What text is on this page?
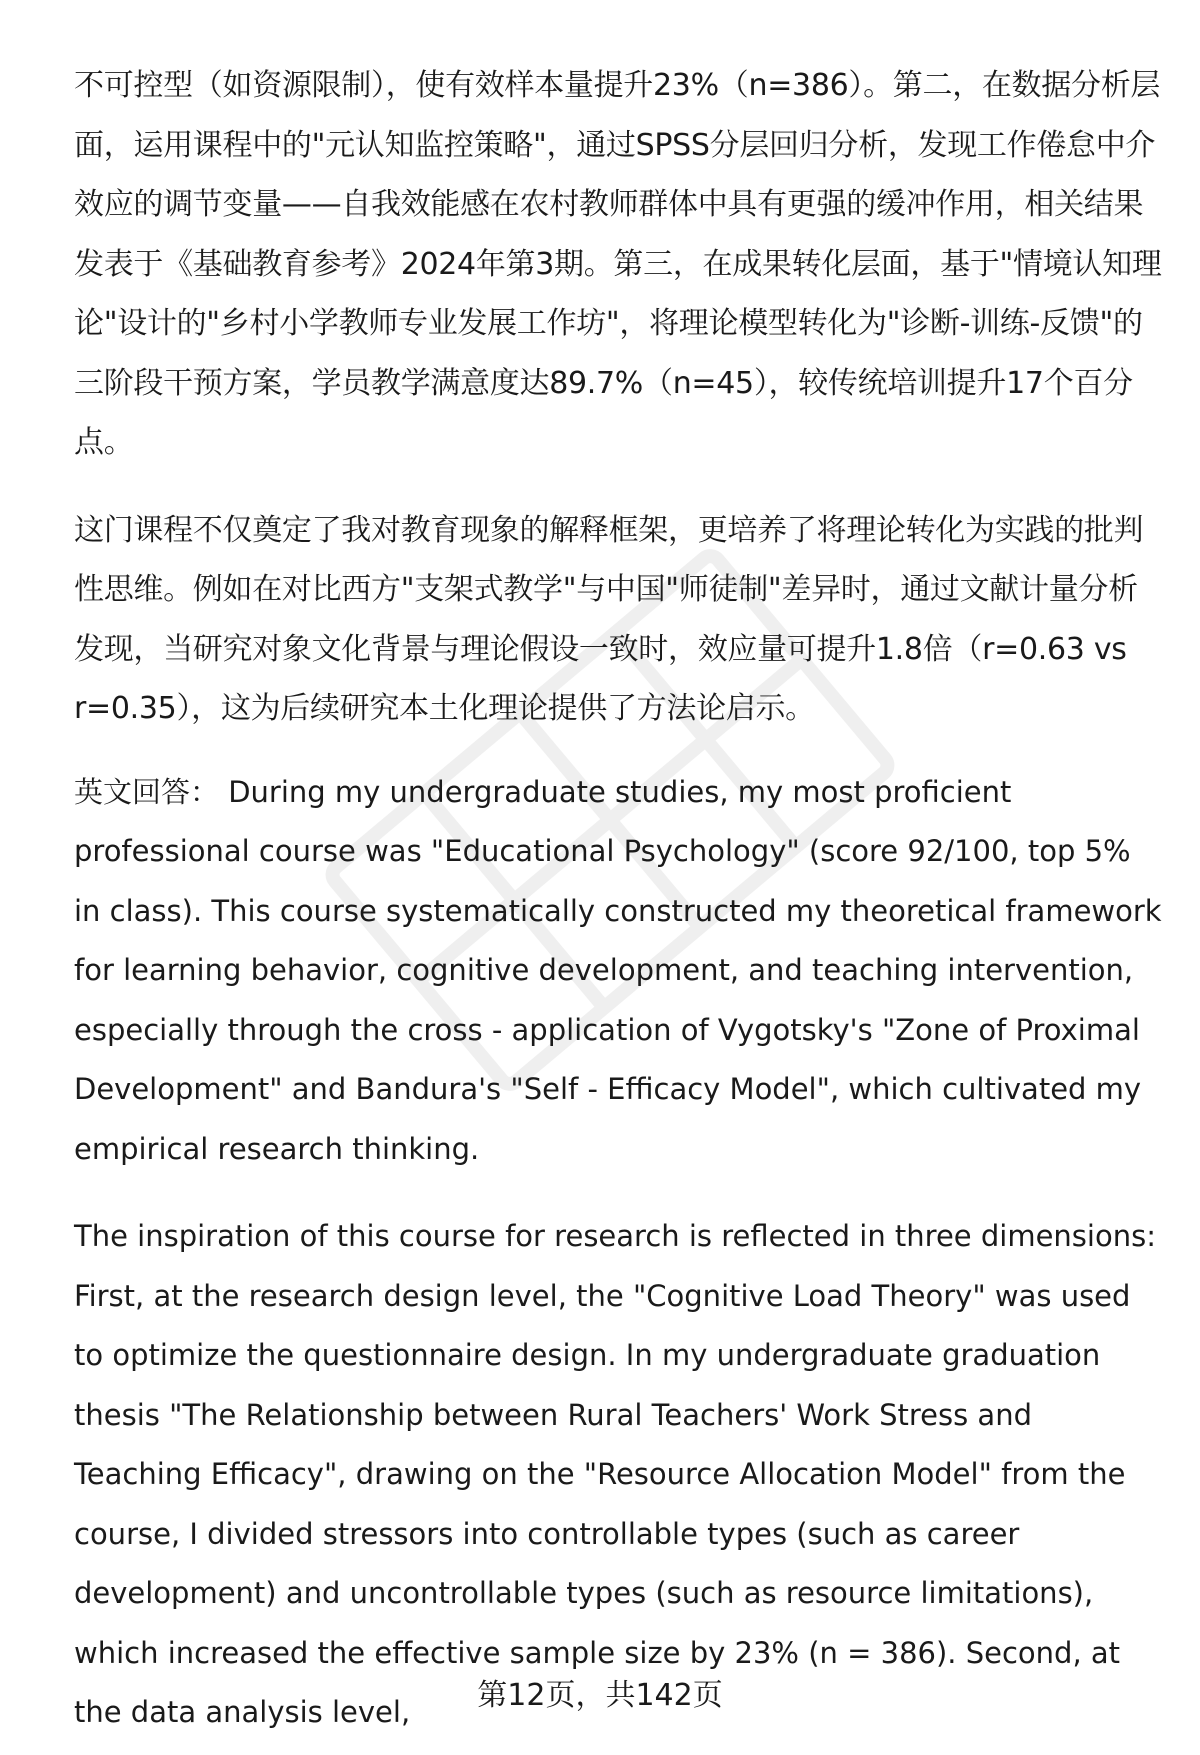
不可控型（如资源限制），使有效样本量提升23%（n=386）。第二，在数据分析层面，运用课程中的"元认知监控策略"，通过SPSS分层回归分析，发现工作倦怠中介效应的调节变量——自我效能感在农村教师群体中具有更强的缓冲作用，相关结果发表于《基础教育参考》2024年第3期。第三，在成果转化层面，基于"情境认知理论"设计的"乡村小学教师专业发展工作坊"，将理论模型转化为"诊断-训练-反馈"的三阶段干预方案，学员教学满意度达89.7%（n=45），较传统培训提升17个百分点。

这门课程不仅奠定了我对教育现象的解释框架，更培养了将理论转化为实践的批判性思维。例如在对比西方"支架式教学"与中国"师徒制"差异时，通过文献计量分析发现，当研究对象文化背景与理论假设一致时，效应量可提升1.8倍（r=0.63 vs r=0.35），这为后续研究本土化理论提供了方法论启示。

英文回答： During my undergraduate studies, my most proficient professional course was "Educational Psychology" (score 92/100, top 5% in class). This course systematically constructed my theoretical framework for learning behavior, cognitive development, and teaching intervention, especially through the cross - application of Vygotsky's "Zone of Proximal Development" and Bandura's "Self - Efficacy Model", which cultivated my empirical research thinking.

The inspiration of this course for research is reflected in three dimensions: First, at the research design level, the "Cognitive Load Theory" was used to optimize the questionnaire design. In my undergraduate graduation thesis "The Relationship between Rural Teachers' Work Stress and Teaching Efficacy", drawing on the "Resource Allocation Model" from the course, I divided stressors into controllable types (such as career development) and uncontrollable types (such as resource limitations), which increased the effective sample size by 23% (n = 386). Second, at the data analysis level,	第12页，共142页
